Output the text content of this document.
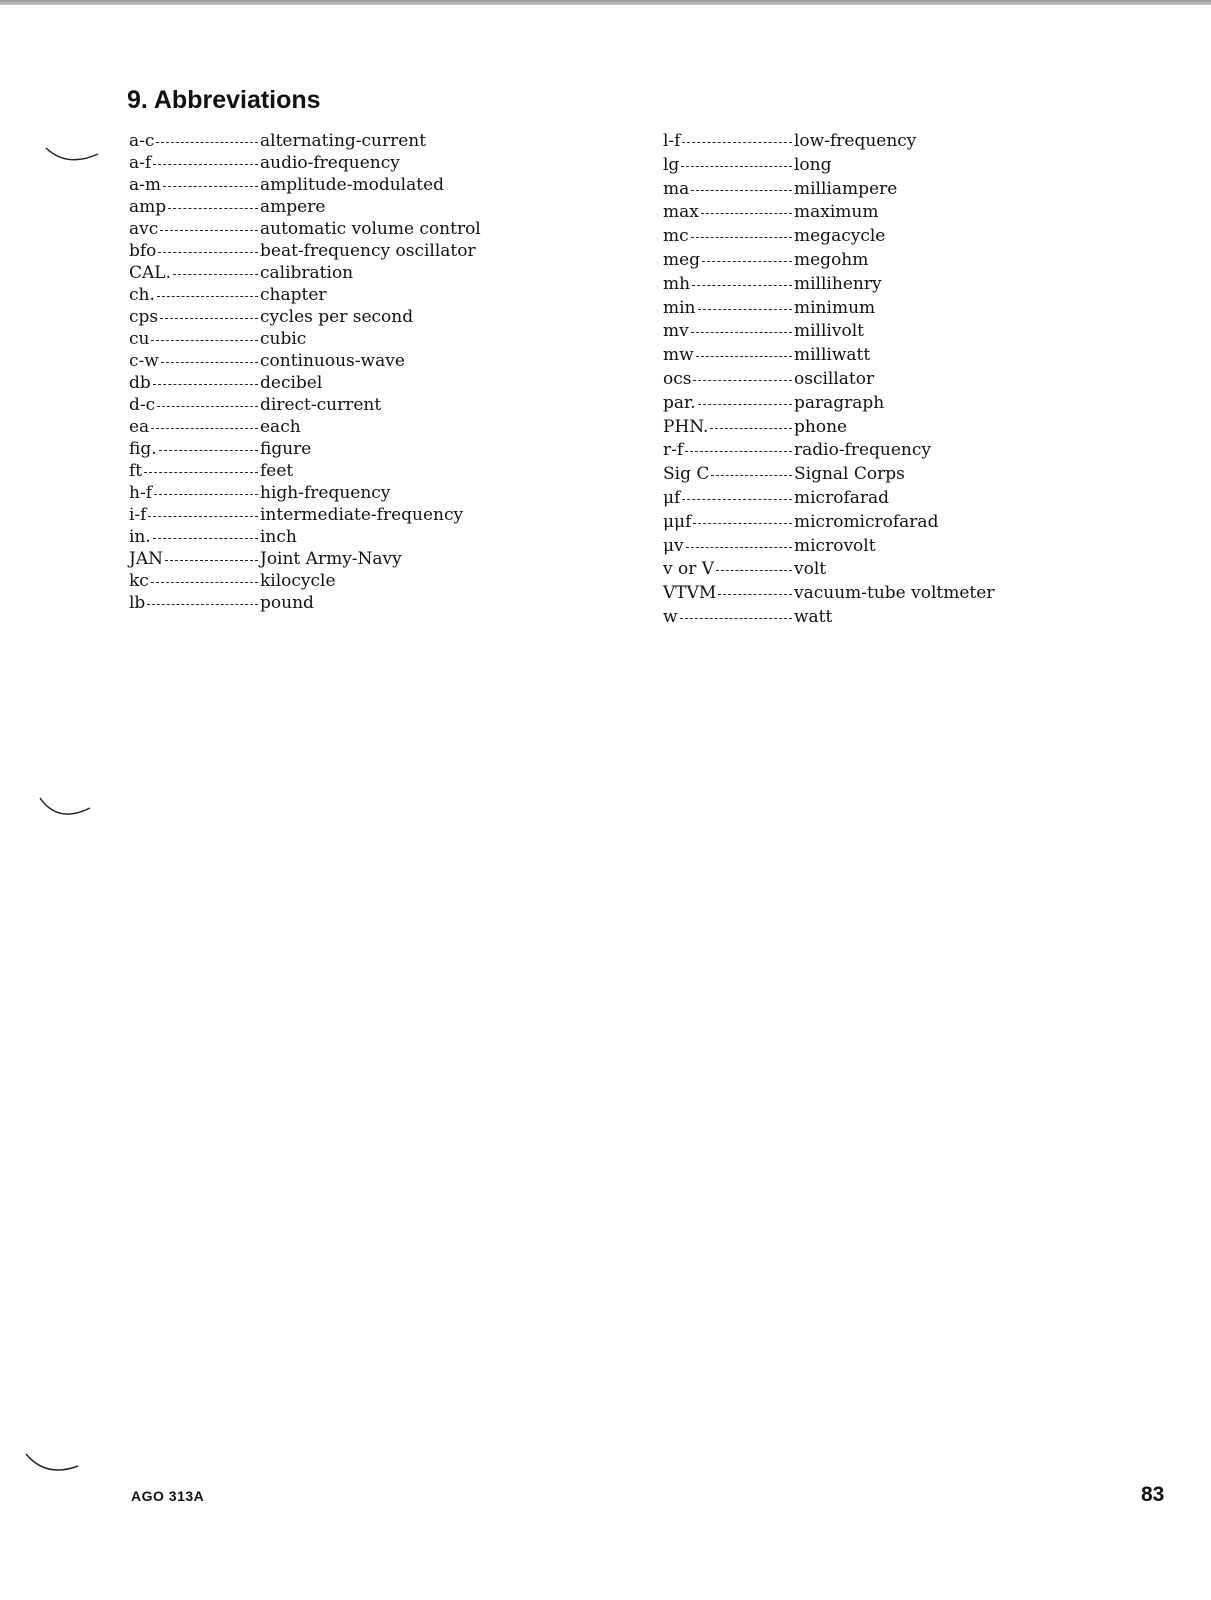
9. Abbreviations
a-c	alternating-current
a-f	audio-frequency
a-m	amplitude-modulated
amp	ampere
avc	automatic volume control
bfo	beat-frequency oscillator
CAL.	calibration
ch.	chapter
cps	cycles per second
cu	cubic
c-w	continuous-wave
db	decibel
d-c	direct-current
ea	each
fig.	figure
ft	feet
h-f	high-frequency
i-f	intermediate-frequency
in.	inch
JAN	Joint Army-Navy
kc	kilocycle
lb	pound
l-f	low-frequency
lg	long
ma	milliampere
max	maximum
mc	megacycle
meg	megohm
mh	millihenry
min	minimum
mv	millivolt
mw	milliwatt
ocs	oscillator
par.	paragraph
PHN.	phone
r-f	radio-frequency
Sig C	Signal Corps
μf	microfarad
μμf	micromicrofarad
μv	microvolt
v or V	volt
VTVM	vacuum-tube voltmeter
w	watt
AGO 313A	83
